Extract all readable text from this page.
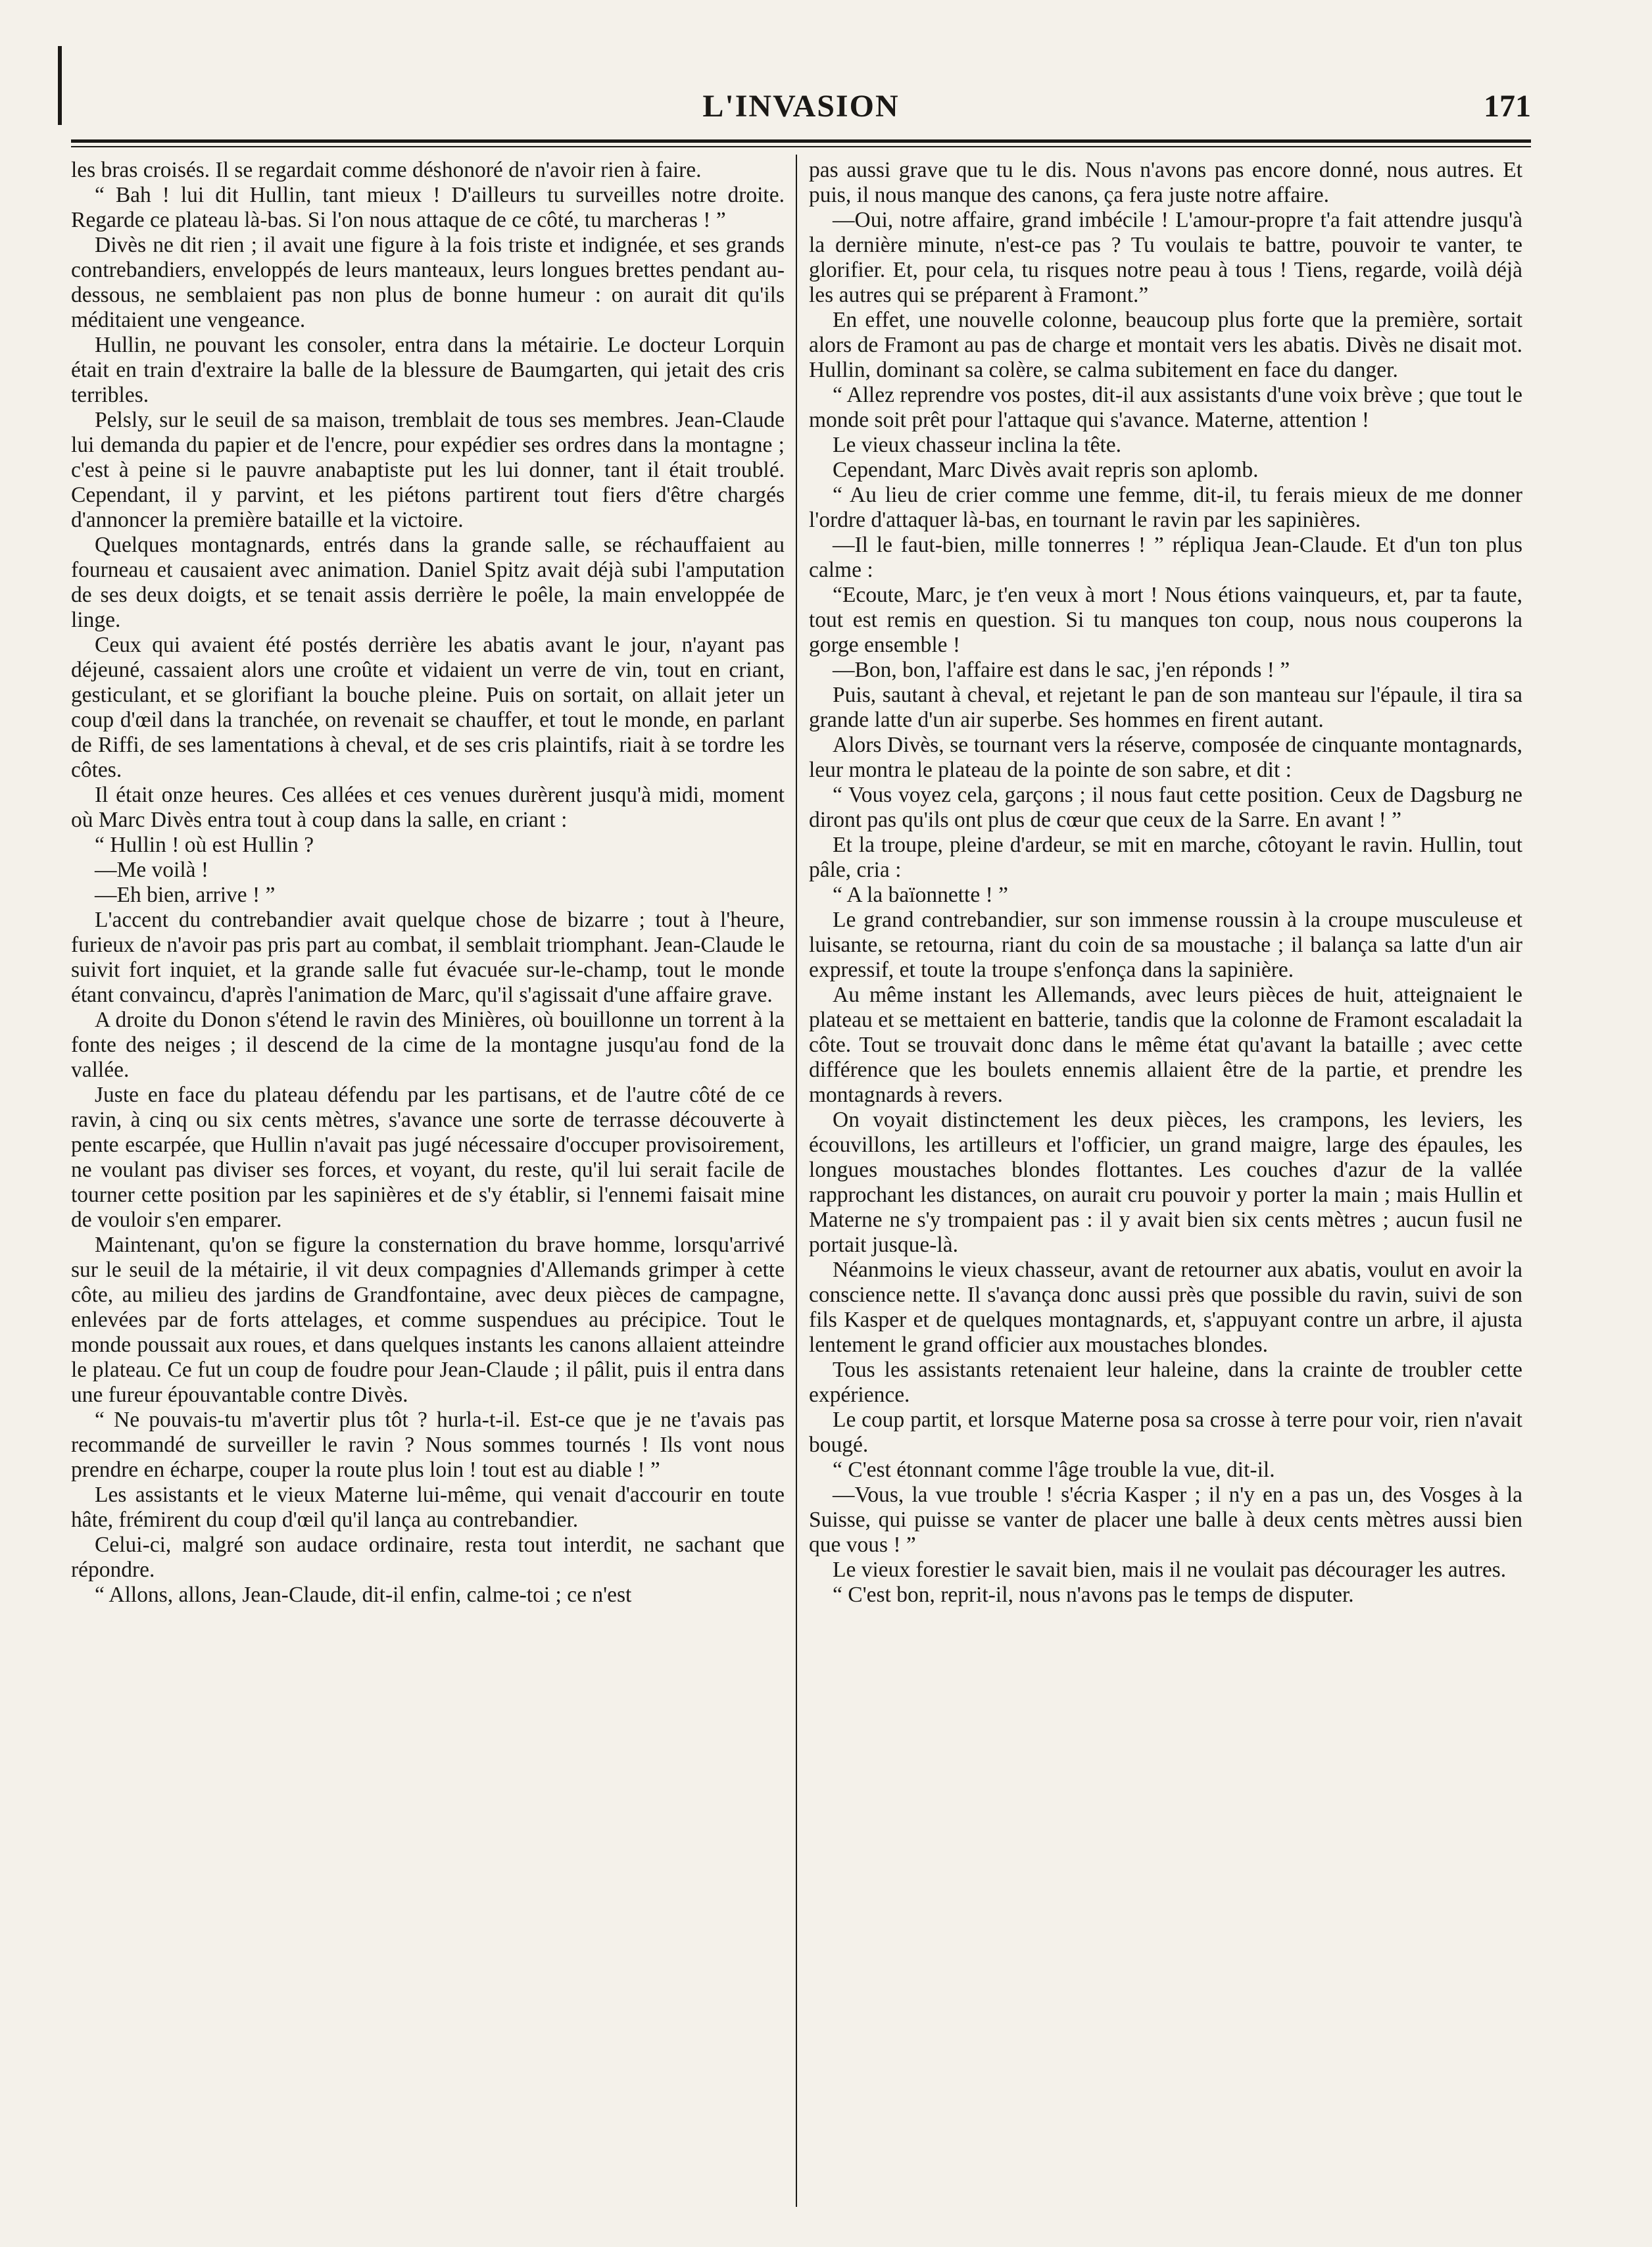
L'INVASION	171

les bras croisés. Il se regardait comme déshonoré de n'avoir rien à faire.

“ Bah ! lui dit Hullin, tant mieux ! D'ailleurs tu surveilles notre droite. Regarde ce plateau là-bas. Si l'on nous attaque de ce côté, tu marcheras ! ”

Divès ne dit rien ; il avait une figure à la fois triste et indignée, et ses grands contrebandiers, enveloppés de leurs manteaux, leurs longues brettes pendant au-dessous, ne semblaient pas non plus de bonne humeur : on aurait dit qu'ils méditaient une vengeance.

Hullin, ne pouvant les consoler, entra dans la métairie. Le docteur Lorquin était en train d'extraire la balle de la blessure de Baumgarten, qui jetait des cris terribles.

Pelsly, sur le seuil de sa maison, tremblait de tous ses membres. Jean-Claude lui demanda du papier et de l'encre, pour expédier ses ordres dans la montagne ; c'est à peine si le pauvre anabaptiste put les lui donner, tant il était troublé. Cependant, il y parvint, et les piétons partirent tout fiers d'être chargés d'annoncer la première bataille et la victoire.

Quelques montagnards, entrés dans la grande salle, se réchauffaient au fourneau et causaient avec animation. Daniel Spitz avait déjà subi l'amputation de ses deux doigts, et se tenait assis derrière le poêle, la main enveloppée de linge.

Ceux qui avaient été postés derrière les abatis avant le jour, n'ayant pas déjeuné, cassaient alors une croûte et vidaient un verre de vin, tout en criant, gesticulant, et se glorifiant la bouche pleine. Puis on sortait, on allait jeter un coup d'œil dans la tranchée, on revenait se chauffer, et tout le monde, en parlant de Riffi, de ses lamentations à cheval, et de ses cris plaintifs, riait à se tordre les côtes.

Il était onze heures. Ces allées et ces venues durèrent jusqu'à midi, moment où Marc Divès entra tout à coup dans la salle, en criant :

“ Hullin ! où est Hullin ?

—Me voilà !

—Eh bien, arrive ! ”

L'accent du contrebandier avait quelque chose de bizarre ; tout à l'heure, furieux de n'avoir pas pris part au combat, il semblait triomphant. Jean-Claude le suivit fort inquiet, et la grande salle fut évacuée sur-le-champ, tout le monde étant convaincu, d'après l'animation de Marc, qu'il s'agissait d'une affaire grave.

A droite du Donon s'étend le ravin des Minières, où bouillonne un torrent à la fonte des neiges ; il descend de la cime de la montagne jusqu'au fond de la vallée.

Juste en face du plateau défendu par les partisans, et de l'autre côté de ce ravin, à cinq ou six cents mètres, s'avance une sorte de terrasse découverte à pente escarpée, que Hullin n'avait pas jugé nécessaire d'occuper provisoirement, ne voulant pas diviser ses forces, et voyant, du reste, qu'il lui serait facile de tourner cette position par les sapinières et de s'y établir, si l'ennemi faisait mine de vouloir s'en emparer.

Maintenant, qu'on se figure la consternation du brave homme, lorsqu'arrivé sur le seuil de la métairie, il vit deux compagnies d'Allemands grimper à cette côte, au milieu des jardins de Grandfontaine, avec deux pièces de campagne, enlevées par de forts attelages, et comme suspendues au précipice. Tout le monde poussait aux roues, et dans quelques instants les canons allaient atteindre le plateau. Ce fut un coup de foudre pour Jean-Claude ; il pâlit, puis il entra dans une fureur épouvantable contre Divès.

“ Ne pouvais-tu m'avertir plus tôt ? hurla-t-il. Est-ce que je ne t'avais pas recommandé de surveiller le ravin ? Nous sommes tournés ! Ils vont nous prendre en écharpe, couper la route plus loin ! tout est au diable ! ”

Les assistants et le vieux Materne lui-même, qui venait d'accourir en toute hâte, frémirent du coup d'œil qu'il lança au contrebandier.

Celui-ci, malgré son audace ordinaire, resta tout interdit, ne sachant que répondre.

“ Allons, allons, Jean-Claude, dit-il enfin, calme-toi ; ce n'est

pas aussi grave que tu le dis. Nous n'avons pas encore donné, nous autres. Et puis, il nous manque des canons, ça fera juste notre affaire.

—Oui, notre affaire, grand imbécile ! L'amour-propre t'a fait attendre jusqu'à la dernière minute, n'est-ce pas ? Tu voulais te battre, pouvoir te vanter, te glorifier. Et, pour cela, tu risques notre peau à tous ! Tiens, regarde, voilà déjà les autres qui se préparent à Framont.”

En effet, une nouvelle colonne, beaucoup plus forte que la première, sortait alors de Framont au pas de charge et montait vers les abatis. Divès ne disait mot. Hullin, dominant sa colère, se calma subitement en face du danger.

“ Allez reprendre vos postes, dit-il aux assistants d'une voix brève ; que tout le monde soit prêt pour l'attaque qui s'avance. Materne, attention !

Le vieux chasseur inclina la tête.

Cependant, Marc Divès avait repris son aplomb.

“ Au lieu de crier comme une femme, dit-il, tu ferais mieux de me donner l'ordre d'attaquer là-bas, en tournant le ravin par les sapinières.

—Il le faut-bien, mille tonnerres ! ” répliqua Jean-Claude. Et d'un ton plus calme :

“Ecoute, Marc, je t'en veux à mort ! Nous étions vainqueurs, et, par ta faute, tout est remis en question. Si tu manques ton coup, nous nous couperons la gorge ensemble !

—Bon, bon, l'affaire est dans le sac, j'en réponds ! ”

Puis, sautant à cheval, et rejetant le pan de son manteau sur l'épaule, il tira sa grande latte d'un air superbe. Ses hommes en firent autant.

Alors Divès, se tournant vers la réserve, composée de cinquante montagnards, leur montra le plateau de la pointe de son sabre, et dit :

“ Vous voyez cela, garçons ; il nous faut cette position. Ceux de Dagsburg ne diront pas qu'ils ont plus de cœur que ceux de la Sarre. En avant ! ”

Et la troupe, pleine d'ardeur, se mit en marche, côtoyant le ravin. Hullin, tout pâle, cria :

“ A la baïonnette ! ”

Le grand contrebandier, sur son immense roussin à la croupe musculeuse et luisante, se retourna, riant du coin de sa moustache ; il balança sa latte d'un air expressif, et toute la troupe s'enfonça dans la sapinière.

Au même instant les Allemands, avec leurs pièces de huit, atteignaient le plateau et se mettaient en batterie, tandis que la colonne de Framont escaladait la côte. Tout se trouvait donc dans le même état qu'avant la bataille ; avec cette différence que les boulets ennemis allaient être de la partie, et prendre les montagnards à revers.

On voyait distinctement les deux pièces, les crampons, les leviers, les écouvillons, les artilleurs et l'officier, un grand maigre, large des épaules, les longues moustaches blondes flottantes. Les couches d'azur de la vallée rapprochant les distances, on aurait cru pouvoir y porter la main ; mais Hullin et Materne ne s'y trompaient pas : il y avait bien six cents mètres ; aucun fusil ne portait jusque-là.

Néanmoins le vieux chasseur, avant de retourner aux abatis, voulut en avoir la conscience nette. Il s'avança donc aussi près que possible du ravin, suivi de son fils Kasper et de quelques montagnards, et, s'appuyant contre un arbre, il ajusta lentement le grand officier aux moustaches blondes.

Tous les assistants retenaient leur haleine, dans la crainte de troubler cette expérience.

Le coup partit, et lorsque Materne posa sa crosse à terre pour voir, rien n'avait bougé.

“ C'est étonnant comme l'âge trouble la vue, dit-il.

—Vous, la vue trouble ! s'écria Kasper ; il n'y en a pas un, des Vosges à la Suisse, qui puisse se vanter de placer une balle à deux cents mètres aussi bien que vous ! ”

Le vieux forestier le savait bien, mais il ne voulait pas décourager les autres.

“ C'est bon, reprit-il, nous n'avons pas le temps de disputer.
